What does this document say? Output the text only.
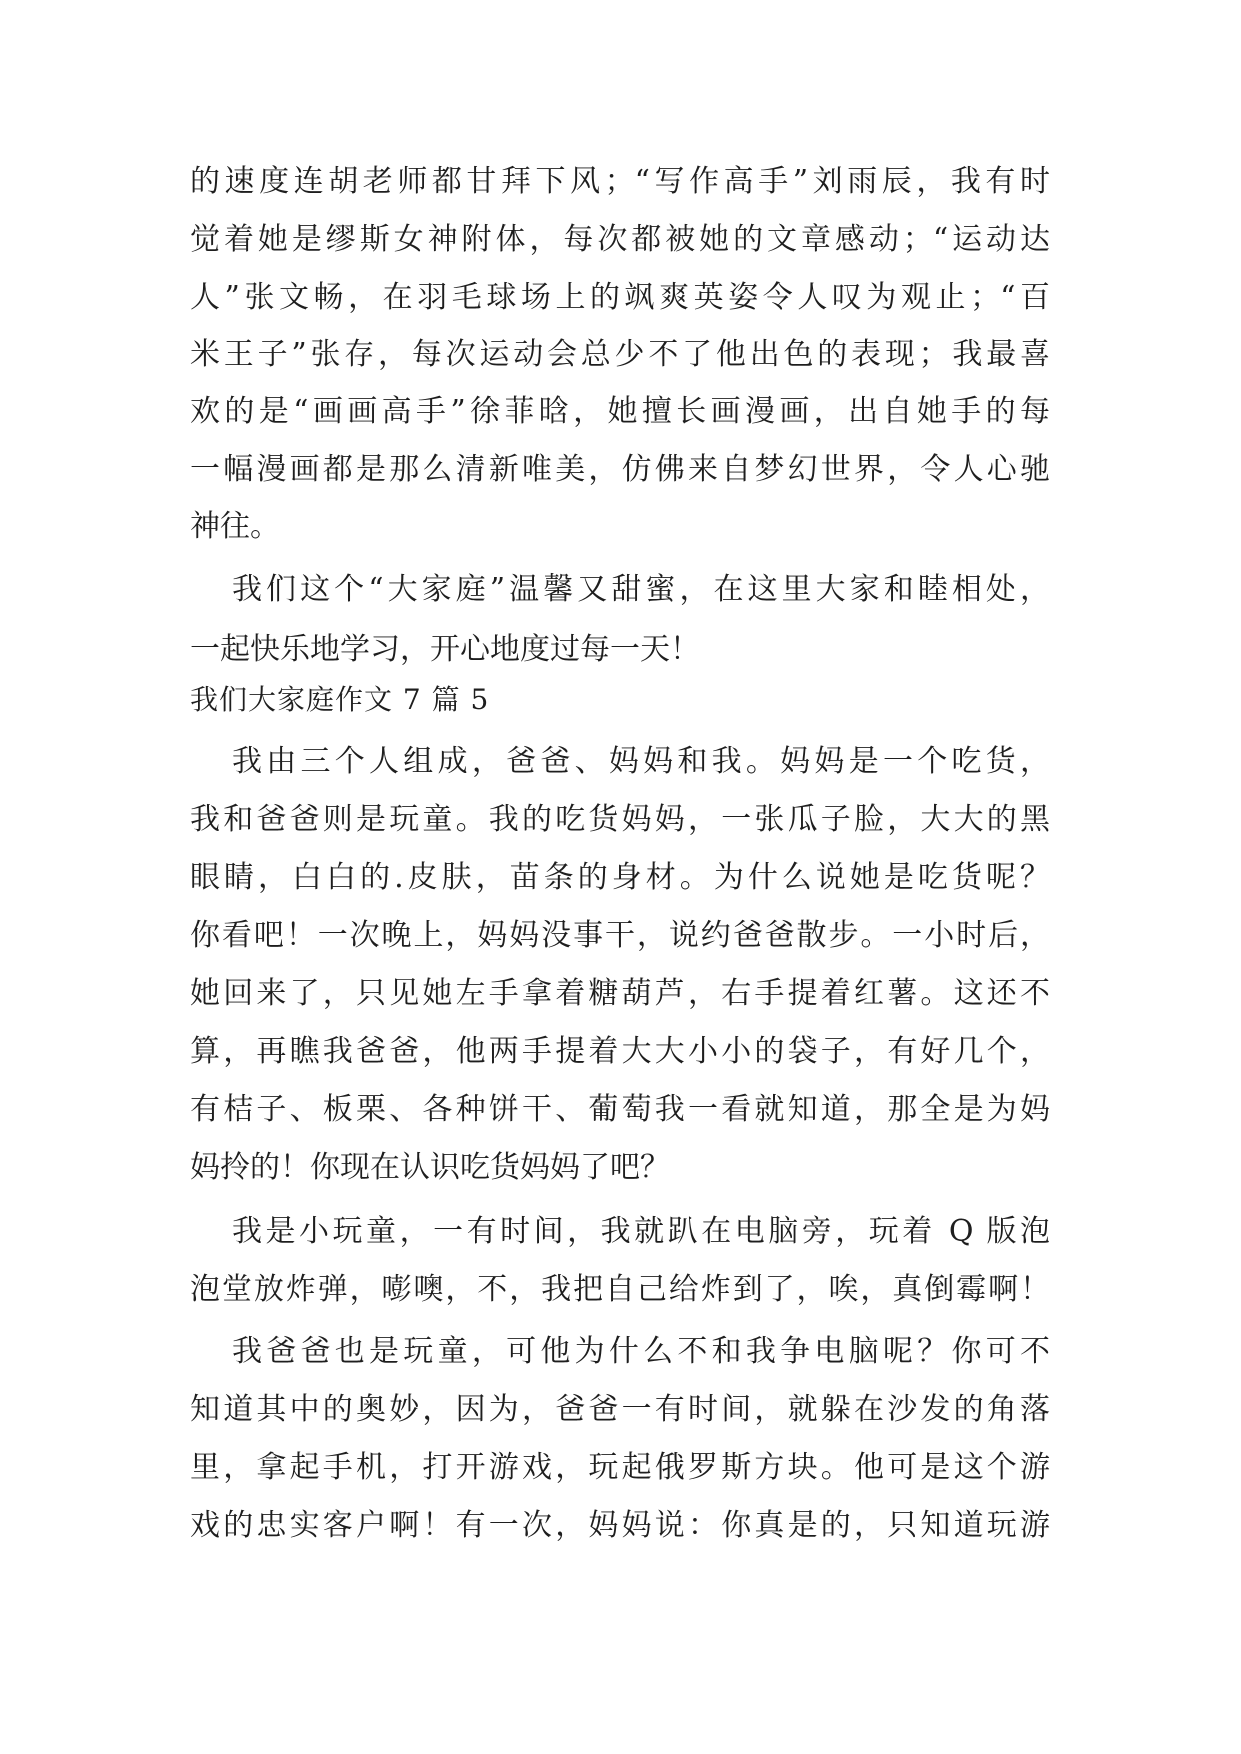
的速度连胡老师都甘拜下风；“写作高手”刘雨辰，我有时
觉着她是缪斯女神附体，每次都被她的文章感动；“运动达
人”张文畅，在羽毛球场上的飒爽英姿令人叹为观止；“百
米王子”张存，每次运动会总少不了他出色的表现；我最喜
欢的是“画画高手”徐菲晗，她擅长画漫画，出自她手的每
一幅漫画都是那么清新唯美，仿佛来自梦幻世界，令人心驰
神往。
我们这个“大家庭”温馨又甜蜜，在这里大家和睦相处，
一起快乐地学习，开心地度过每一天！
我们大家庭作文 7 篇 5
我由三个人组成，爸爸、妈妈和我。妈妈是一个吃货，
我和爸爸则是玩童。我的吃货妈妈，一张瓜子脸，大大的黑
眼睛，白白的.皮肤，苗条的身材。为什么说她是吃货呢？
你看吧！一次晚上，妈妈没事干，说约爸爸散步。一小时后，
她回来了，只见她左手拿着糖葫芦，右手提着红薯。这还不
算，再瞧我爸爸，他两手提着大大小小的袋子，有好几个，
有桔子、板栗、各种饼干、葡萄我一看就知道，那全是为妈
妈拎的！你现在认识吃货妈妈了吧？
我是小玩童，一有时间，我就趴在电脑旁，玩着 Q 版泡
泡堂放炸弹，嘭噢，不，我把自己给炸到了，唉，真倒霉啊！
我爸爸也是玩童，可他为什么不和我争电脑呢？你可不
知道其中的奥妙，因为，爸爸一有时间，就躲在沙发的角落
里，拿起手机，打开游戏，玩起俄罗斯方块。他可是这个游
戏的忠实客户啊！有一次，妈妈说：你真是的，只知道玩游
